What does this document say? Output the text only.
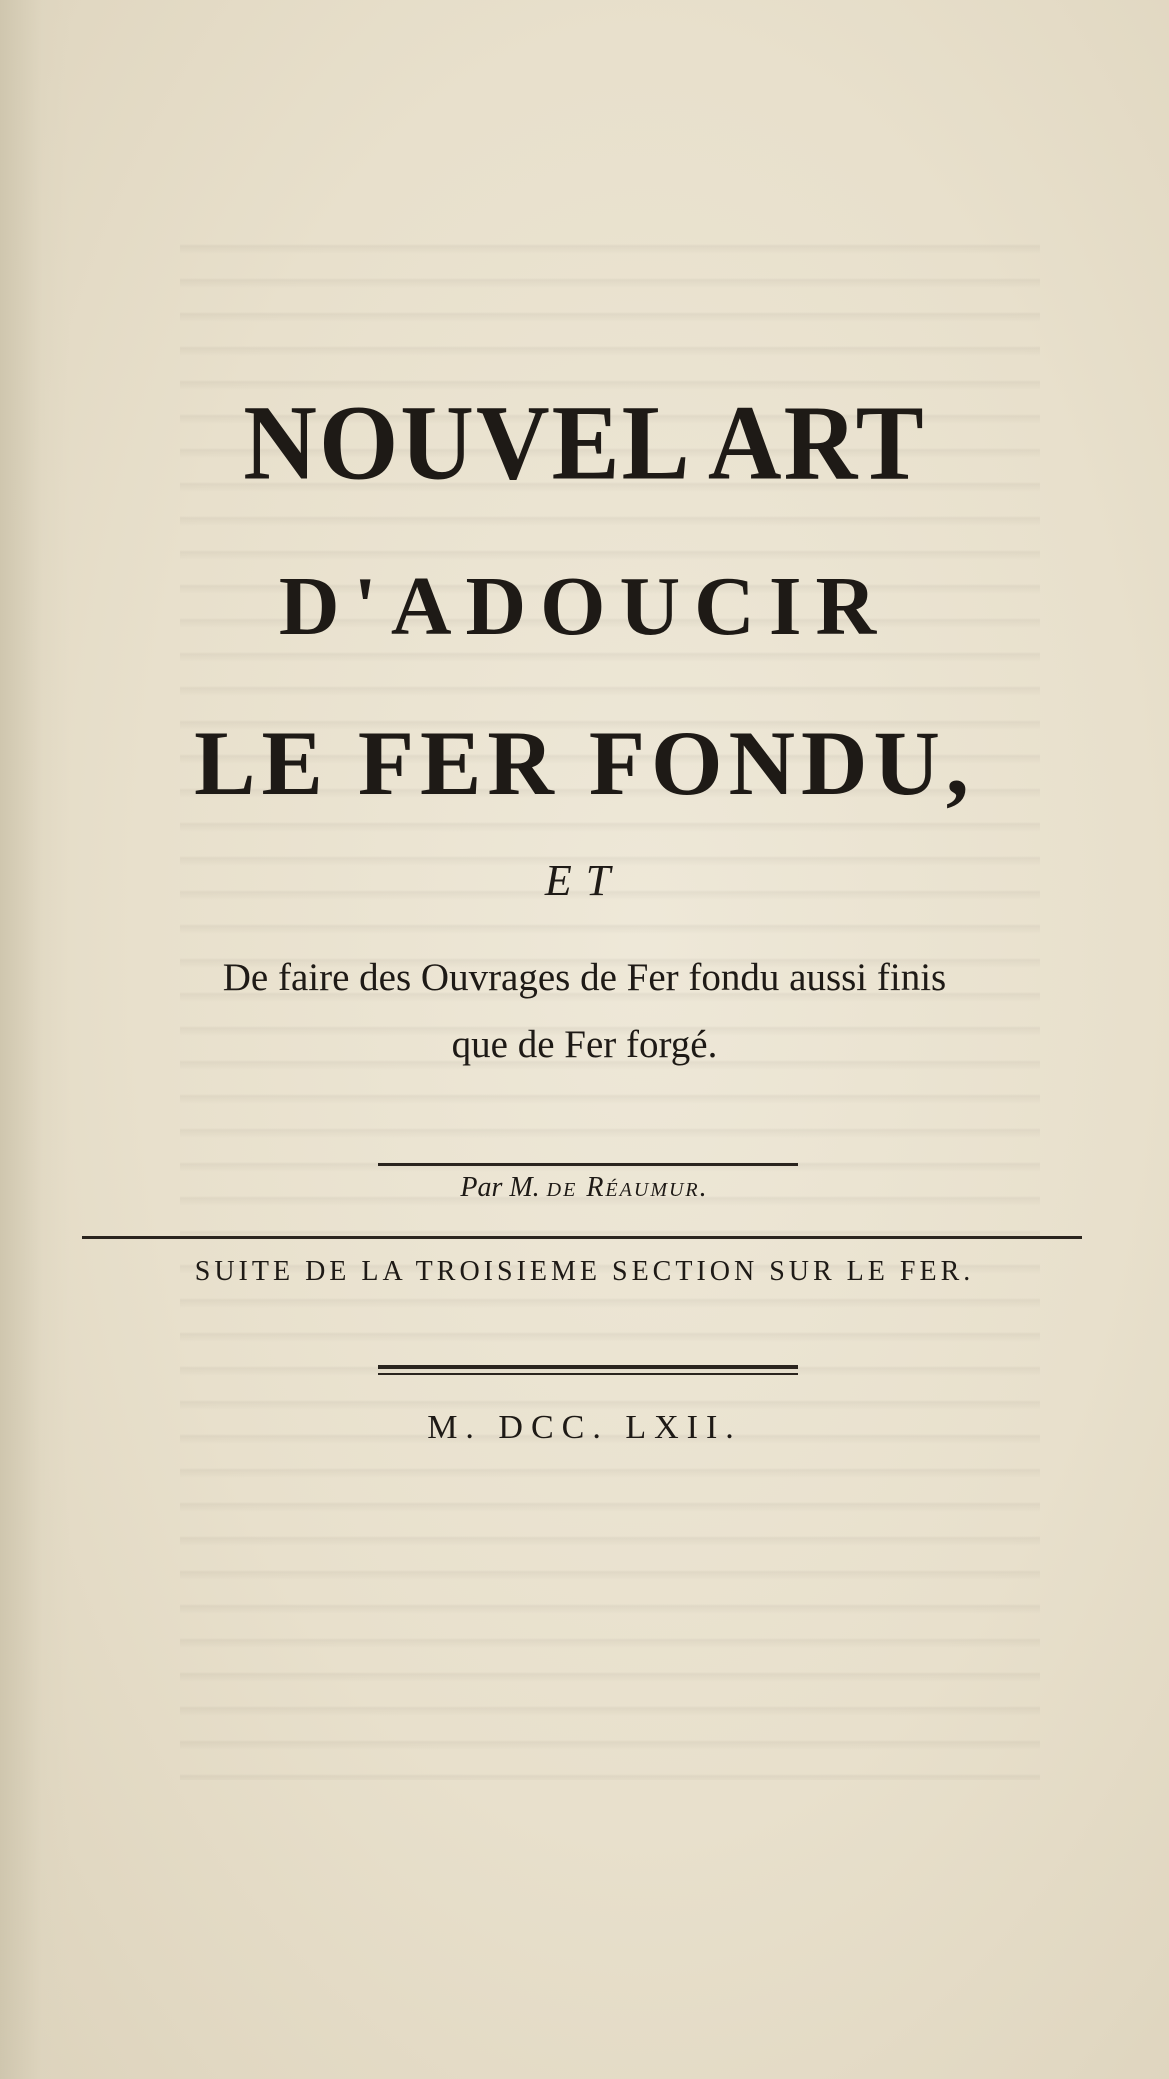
NOUVEL ART

D'ADOUCIR

LE FER FONDU,

ET

De faire des Ouvrages de Fer fondu aussi finis

que de Fer forgé.

Par M. de Réaumur.

SUITE DE LA TROISIEME SECTION SUR LE FER.

M. DCC. LXII.
